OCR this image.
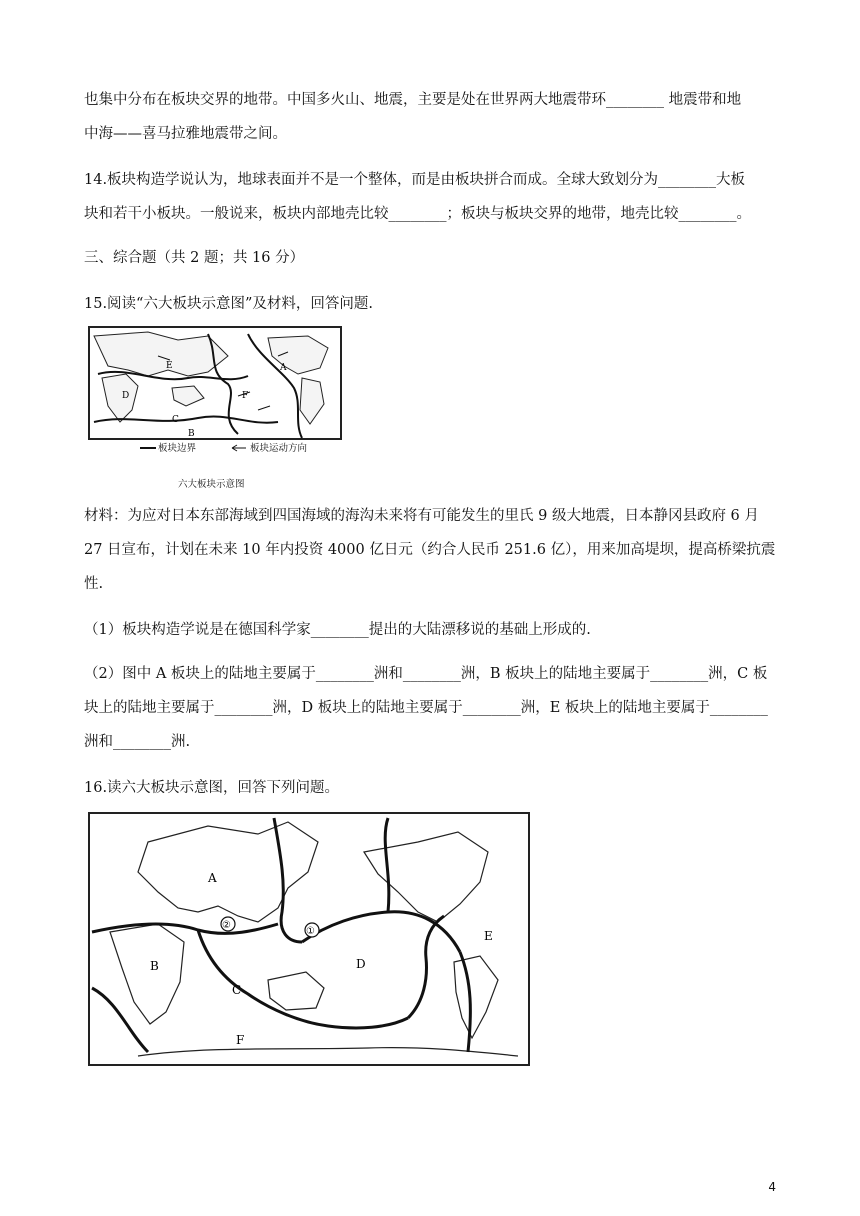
也集中分布在板块交界的地带。中国多火山、地震，主要是处在世界两大地震带环________ 地震带和地
中海——喜马拉雅地震带之间。
14.板块构造学说认为，地球表面并不是一个整体，而是由板块拼合而成。全球大致划分为________大板
块和若干小板块。一般说来，板块内部地壳比较________；板块与板块交界的地带，地壳比较________。
三、综合题（共 2 题；共 16 分）
15.阅读“六大板块示意图”及材料，回答问题.
E	A
D	F
C
B
板块边界	板块运动方向
六大板块示意图
材料：为应对日本东部海域到四国海域的海沟未来将有可能发生的里氏 9 级大地震，日本静冈县政府 6 月
27 日宣布，计划在未来 10 年内投资 4000 亿日元（约合人民币 251.6 亿），用来加高堤坝，提高桥梁抗震
性.
（1）板块构造学说是在德国科学家________提出的大陆漂移说的基础上形成的.
（2）图中 A 板块上的陆地主要属于________洲和________洲，B 板块上的陆地主要属于________洲，C 板
块上的陆地主要属于________洲，D 板块上的陆地主要属于________洲，E 板块上的陆地主要属于________
洲和________洲.
16.读六大板块示意图，回答下列问题。
A
②
①
B
C
D
E
F
4
